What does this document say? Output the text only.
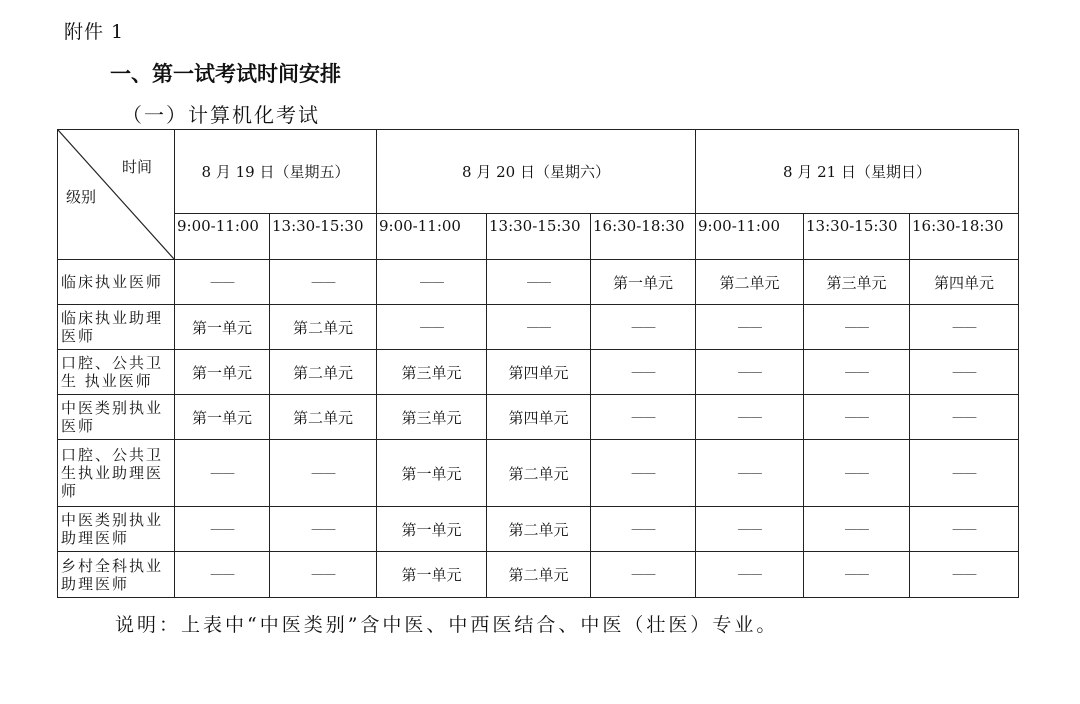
附件 1
一、第一试考试时间安排
（一）计算机化考试
时间
级别	8 月 19 日（星期五）		8 月 20 日（星期六）			8 月 21 日（星期日）		
	9:00-11:00	13:30-15:30	9:00-11:00	13:30-15:30	16:30-18:30	9:00-11:00	13:30-15:30	16:30-18:30
临床执业医师	——	——	——	——	第一单元	第二单元	第三单元	第四单元
临床执业助理 医师	第一单元	第二单元	——	——	——	——	——	——
口腔、公共卫生 执业医师	第一单元	第二单元	第三单元	第四单元	——	——	——	——
中医类别执业 医师	第一单元	第二单元	第三单元	第四单元	——	——	——	——
口腔、公共卫生执业助理医师	——	——	第一单元	第二单元	——	——	——	——
中医类别执业助理医师	——	——	第一单元	第二单元	——	——	——	——
乡村全科执业助理医师	——	——	第一单元	第二单元	——	——	——	——
说明：上表中“中医类别”含中医、中西医结合、中医（壮医）专业。
